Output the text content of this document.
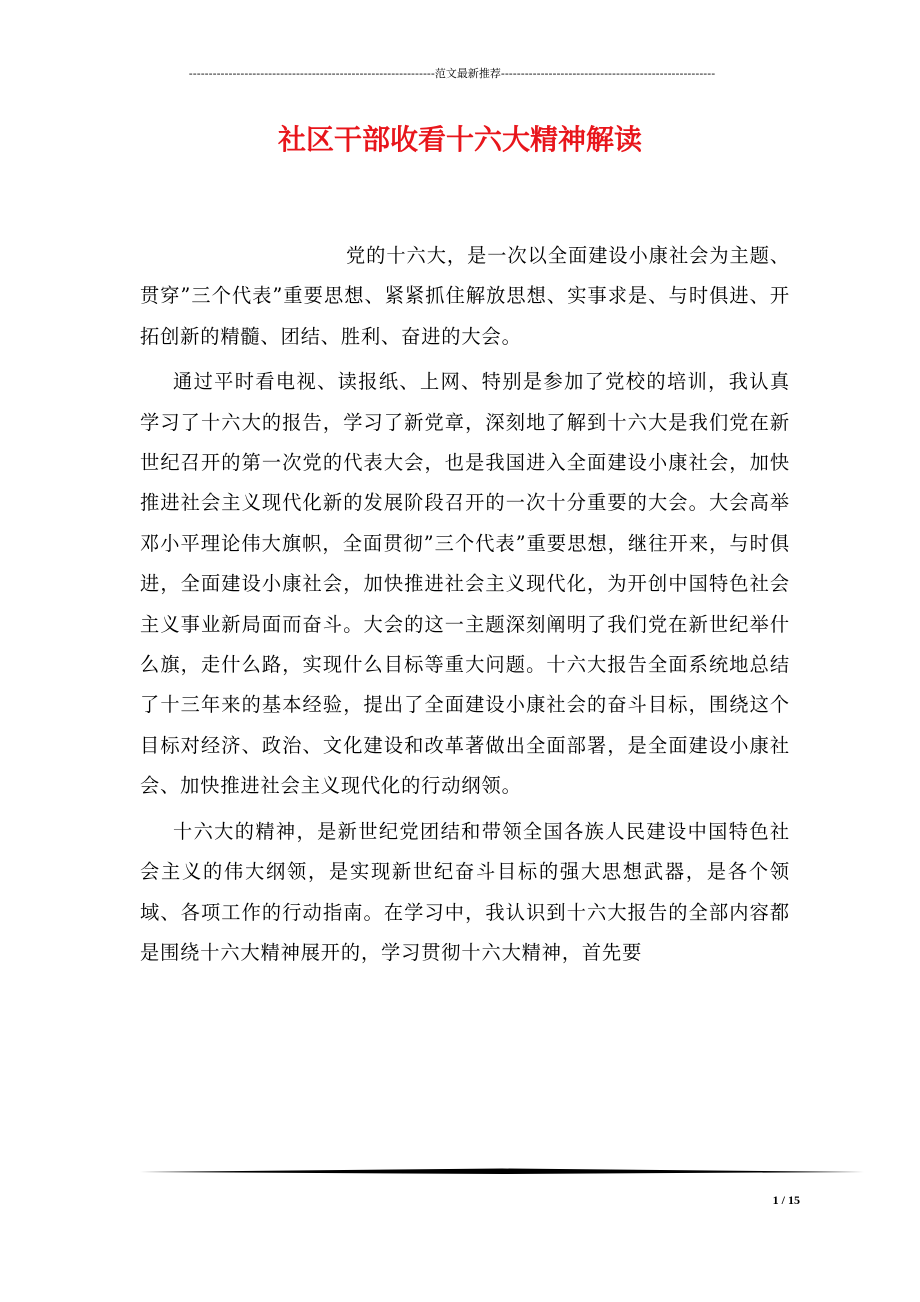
--------------------------------------------------------------范文最新推荐------------------------------------------------------
社区干部收看十六大精神解读

党的十六大，是一次以全面建设小康社会为主题、贯穿”三个代表”重要思想、紧紧抓住解放思想、实事求是、与时俱进、开拓创新的精髓、团结、胜利、奋进的大会。

通过平时看电视、读报纸、上网、特别是参加了党校的培训，我认真学习了十六大的报告，学习了新党章，深刻地了解到十六大是我们党在新世纪召开的第一次党的代表大会，也是我国进入全面建设小康社会，加快推进社会主义现代化新的发展阶段召开的一次十分重要的大会。大会高举邓小平理论伟大旗帜，全面贯彻”三个代表”重要思想，继往开来，与时俱进，全面建设小康社会，加快推进社会主义现代化，为开创中国特色社会主义事业新局面而奋斗。大会的这一主题深刻阐明了我们党在新世纪举什么旗，走什么路，实现什么目标等重大问题。十六大报告全面系统地总结了十三年来的基本经验，提出了全面建设小康社会的奋斗目标，围绕这个目标对经济、政治、文化建设和改革著做出全面部署，是全面建设小康社会、加快推进社会主义现代化的行动纲领。

十六大的精神，是新世纪党团结和带领全国各族人民建设中国特色社会主义的伟大纲领，是实现新世纪奋斗目标的强大思想武器，是各个领域、各项工作的行动指南。在学习中，我认识到十六大报告的全部内容都是围绕十六大精神展开的，学习贯彻十六大精神，首先要

1 / 15
